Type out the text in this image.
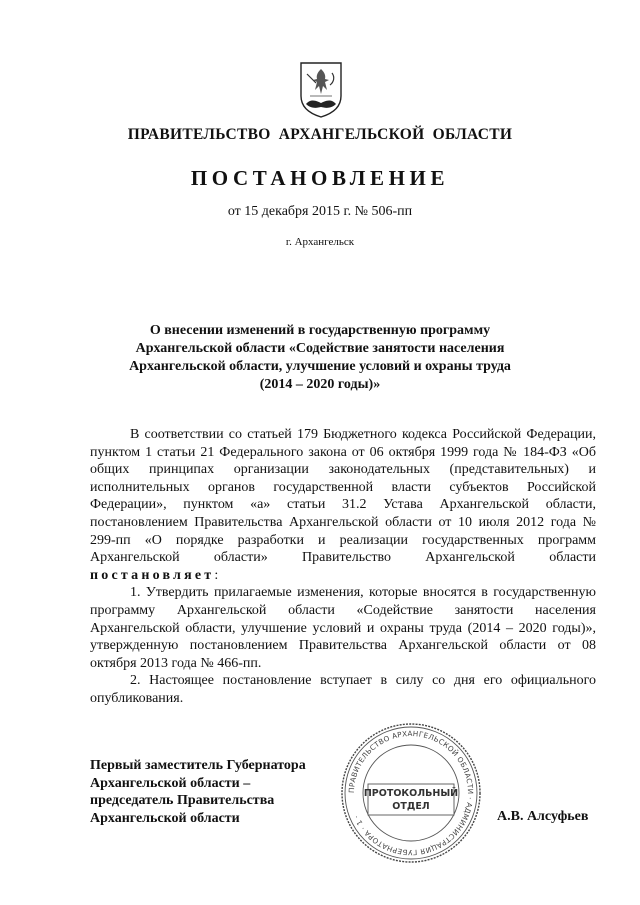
ПРАВИТЕЛЬСТВО АРХАНГЕЛЬСКОЙ ОБЛАСТИ
ПОСТАНОВЛЕНИЕ
от 15 декабря 2015 г. № 506-пп
г. Архангельск
О внесении изменений в государственную программу
Архангельской области «Содействие занятости населения
Архангельской области, улучшение условий и охраны труда
(2014 – 2020 годы)»

В соответствии со статьей 179 Бюджетного кодекса Российской Федерации, пунктом 1 статьи 21 Федерального закона от 06 октября 1999 года № 184-ФЗ «Об общих принципах организации законодательных (представительных) и исполнительных органов государственной власти субъектов Российской Федерации», пунктом «а» статьи 31.2 Устава Архангельской области, постановлением Правительства Архангельской области от 10 июля 2012 года № 299-пп «О порядке разработки и реализации государственных программ Архангельской области» Правительство Архангельской области постановляет:

1. Утвердить прилагаемые изменения, которые вносятся в государственную программу Архангельской области «Содействие занятости населения Архангельской области, улучшение условий и охраны труда (2014 – 2020 годы)», утвержденную постановлением Правительства Архангельской области от 08 октября 2013 года № 466-пп.

2. Настоящее постановление вступает в силу со дня его официального опубликования.

Первый заместитель Губернатора
Архангельской области –
председатель Правительства
Архангельской области
ПРАВИТЕЛЬСТВО АРХАНГЕЛЬСКОЙ ОБЛАСТИ · АДМИНИСТРАЦИЯ ГУБЕРНАТОРА · 1 ·
ПРОТОКОЛЬНЫЙ
ОТДЕЛ
А.В. Алсуфьев
